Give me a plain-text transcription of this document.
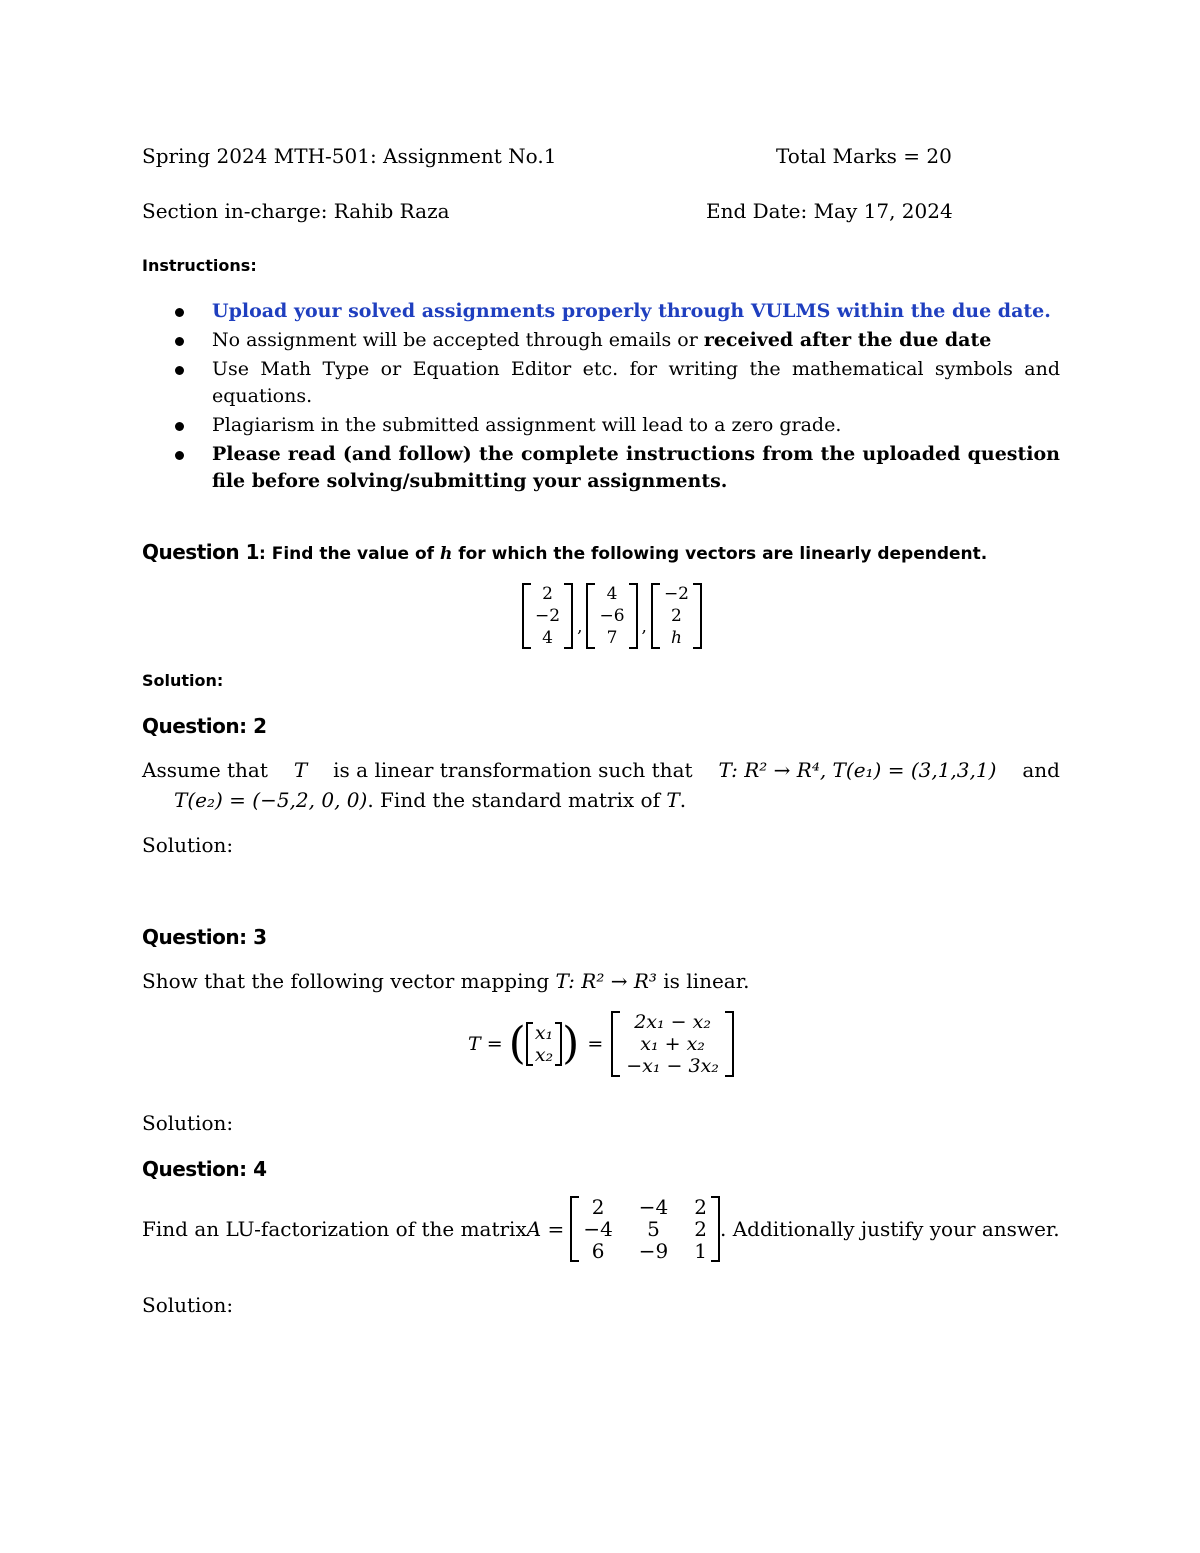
Spring 2024 MTH-501: Assignment No.1	Total Marks = 20
Section in-charge: Rahib Raza	End Date: May 17, 2024
Instructions:
Upload your solved assignments properly through VULMS within the due date.
No assignment will be accepted through emails or received after the due date
Use Math Type or Equation Editor etc. for writing the mathematical symbols and equations.
Plagiarism in the submitted assignment will lead to a zero grade.
Please read (and follow) the complete instructions from the uploaded question file before solving/submitting your assignments.
Question 1: Find the value of h for which the following vectors are linearly dependent.
2
−2
4
,
4
−6
7
,
−2
2
h
Solution:
Question: 2
Assume that T is a linear transformation such that T: R² → R⁴, T(e₁) = (3,1,3,1) and
T(e₂) = (−5,2, 0, 0). Find the standard matrix of T.
Solution:
Question: 3
Show that the following vector mapping T: R² → R³ is linear.
T = ( x₁
x₂ ) =
2x₁ − x₂
x₁ + x₂
−x₁ − 3x₂
Solution:
Question: 4
Find an LU-factorization of the matrix A =
2 −4 2
−4 5 2
6 −9 1
. Additionally justify your answer.
Solution:
